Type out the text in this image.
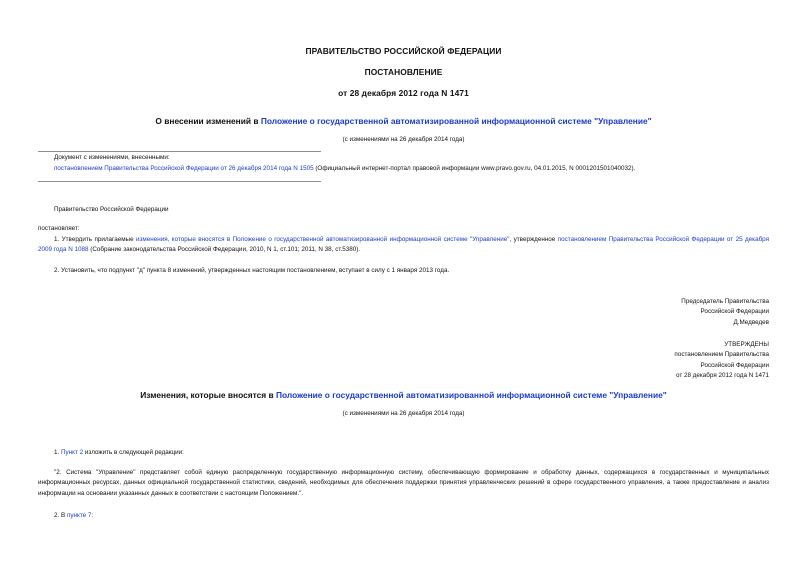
ПРАВИТЕЛЬСТВО РОССИЙСКОЙ ФЕДЕРАЦИИ
ПОСТАНОВЛЕНИЕ
от 28 декабря 2012 года N 1471
О внесении изменений в Положение о государственной автоматизированной информационной системе "Управление"
(с изменениями на 26 декабря 2014 года)
Документ с изменениями, внесенными:
постановлением Правительства Российской Федерации от 26 декабря 2014 года N 1505 (Официальный интернет-портал правовой информации www.pravo.gov.ru, 04.01.2015, N 0001201501040032).
Правительство Российской Федерации
постановляет:
1. Утвердить прилагаемые изменения, которые вносятся в Положение о государственной автоматизированной информационной системе "Управление", утвержденное постановлением Правительства Российской Федерации от 25 декабря 2009 года N 1088 (Собрание законодательства Российской Федерации, 2010, N 1, ст.101; 2011, N 38, ст.5380).
2. Установить, что подпункт "д" пункта 8 изменений, утвержденных настоящим постановлением, вступает в силу с 1 января 2013 года.
Председатель Правительства
Российской Федерации
Д.Медведев
УТВЕРЖДЕНЫ
постановлением Правительства
Российской Федерации
от 28 декабря 2012 года N 1471
Изменения, которые вносятся в Положение о государственной автоматизированной информационной системе "Управление"
(с изменениями на 26 декабря 2014 года)
1. Пункт 2 изложить в следующей редакции:
"2. Система "Управление" представляет собой единую распределенную государственную информационную систему, обеспечивающую формирование и обработку данных, содержащихся в государственных и муниципальных информационных ресурсах, данных официальной государственной статистики, сведений, необходимых для обеспечения поддержки принятия управленческих решений в сфере государственного управления, а также предоставление и анализ информации на основании указанных данных в соответствии с настоящим Положением.".
2. В пункте 7:
